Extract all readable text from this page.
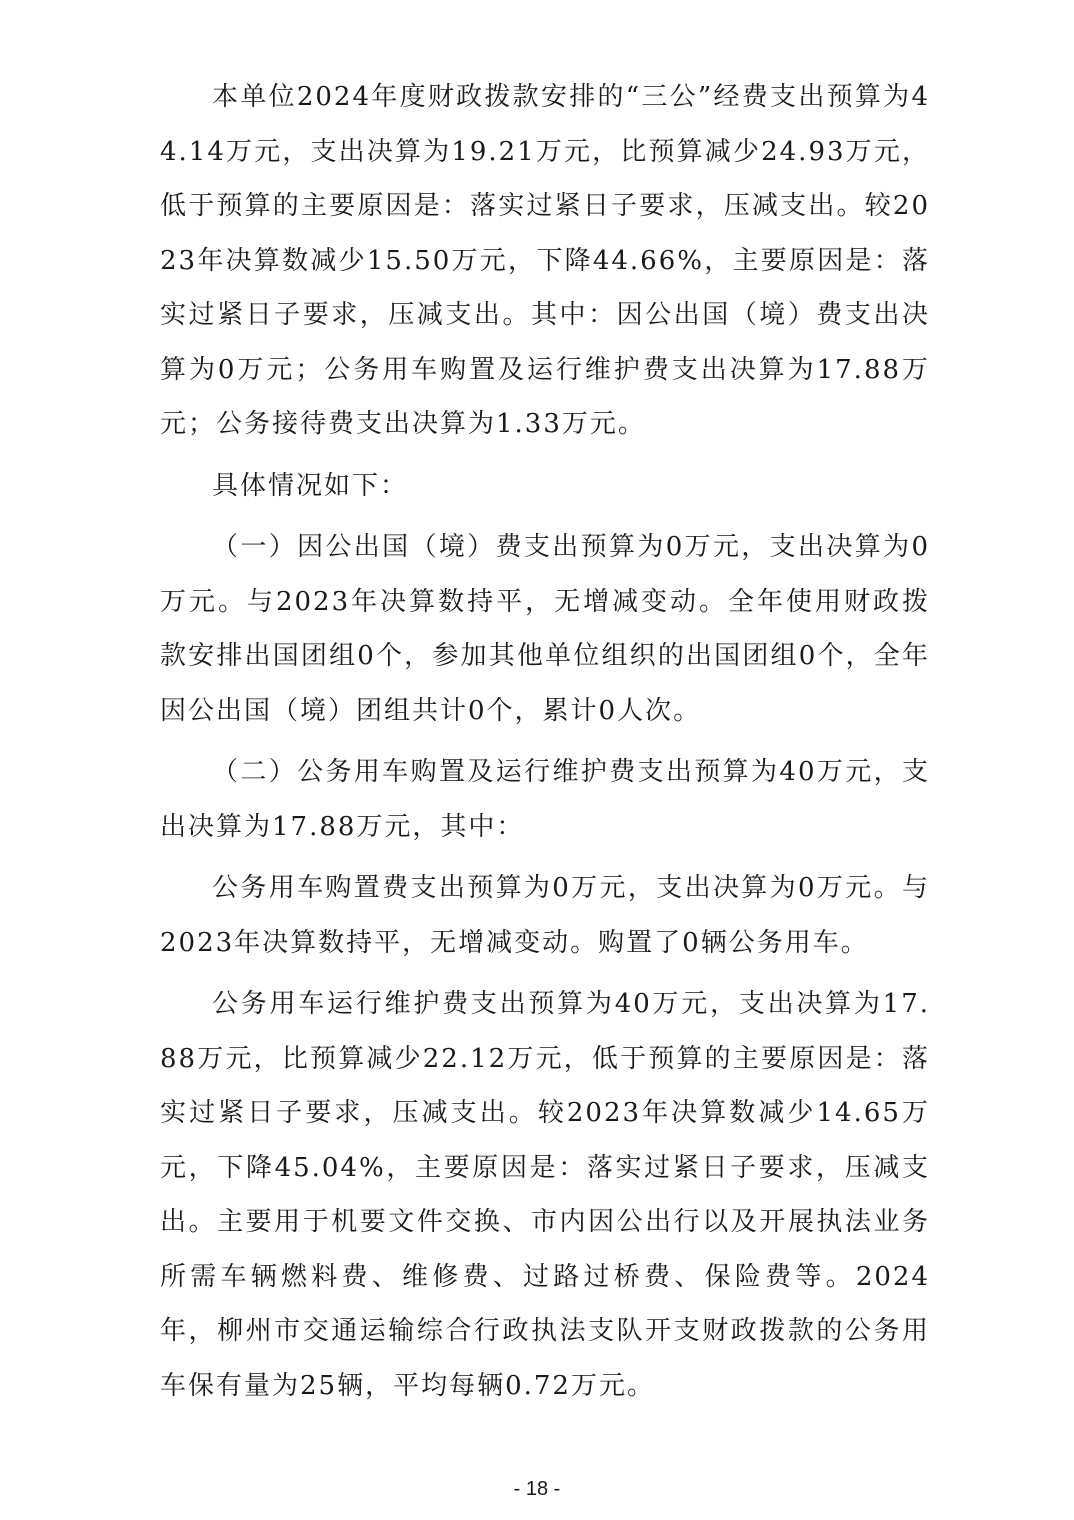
本单位2024年度财政拨款安排的“三公”经费支出预算为44.14万元，支出决算为19.21万元，比预算减少24.93万元，低于预算的主要原因是：落实过紧日子要求，压减支出。较2023年决算数减少15.50万元，下降44.66%，主要原因是：落实过紧日子要求，压减支出。其中：因公出国（境）费支出决算为0万元；公务用车购置及运行维护费支出决算为17.88万元；公务接待费支出决算为1.33万元。

具体情况如下：

（一）因公出国（境）费支出预算为0万元，支出决算为0万元。与2023年决算数持平，无增减变动。全年使用财政拨款安排出国团组0个，参加其他单位组织的出国团组0个，全年因公出国（境）团组共计0个，累计0人次。

（二）公务用车购置及运行维护费支出预算为40万元，支出决算为17.88万元，其中：

公务用车购置费支出预算为0万元，支出决算为0万元。与2023年决算数持平，无增减变动。购置了0辆公务用车。

公务用车运行维护费支出预算为40万元，支出决算为17.88万元，比预算减少22.12万元，低于预算的主要原因是：落实过紧日子要求，压减支出。较2023年决算数减少14.65万元，下降45.04%，主要原因是：落实过紧日子要求，压减支出。主要用于机要文件交换、市内因公出行以及开展执法业务所需车辆燃料费、维修费、过路过桥费、保险费等。2024年，柳州市交通运输综合行政执法支队开支财政拨款的公务用车保有量为25辆，平均每辆0.72万元。

- 18 -
